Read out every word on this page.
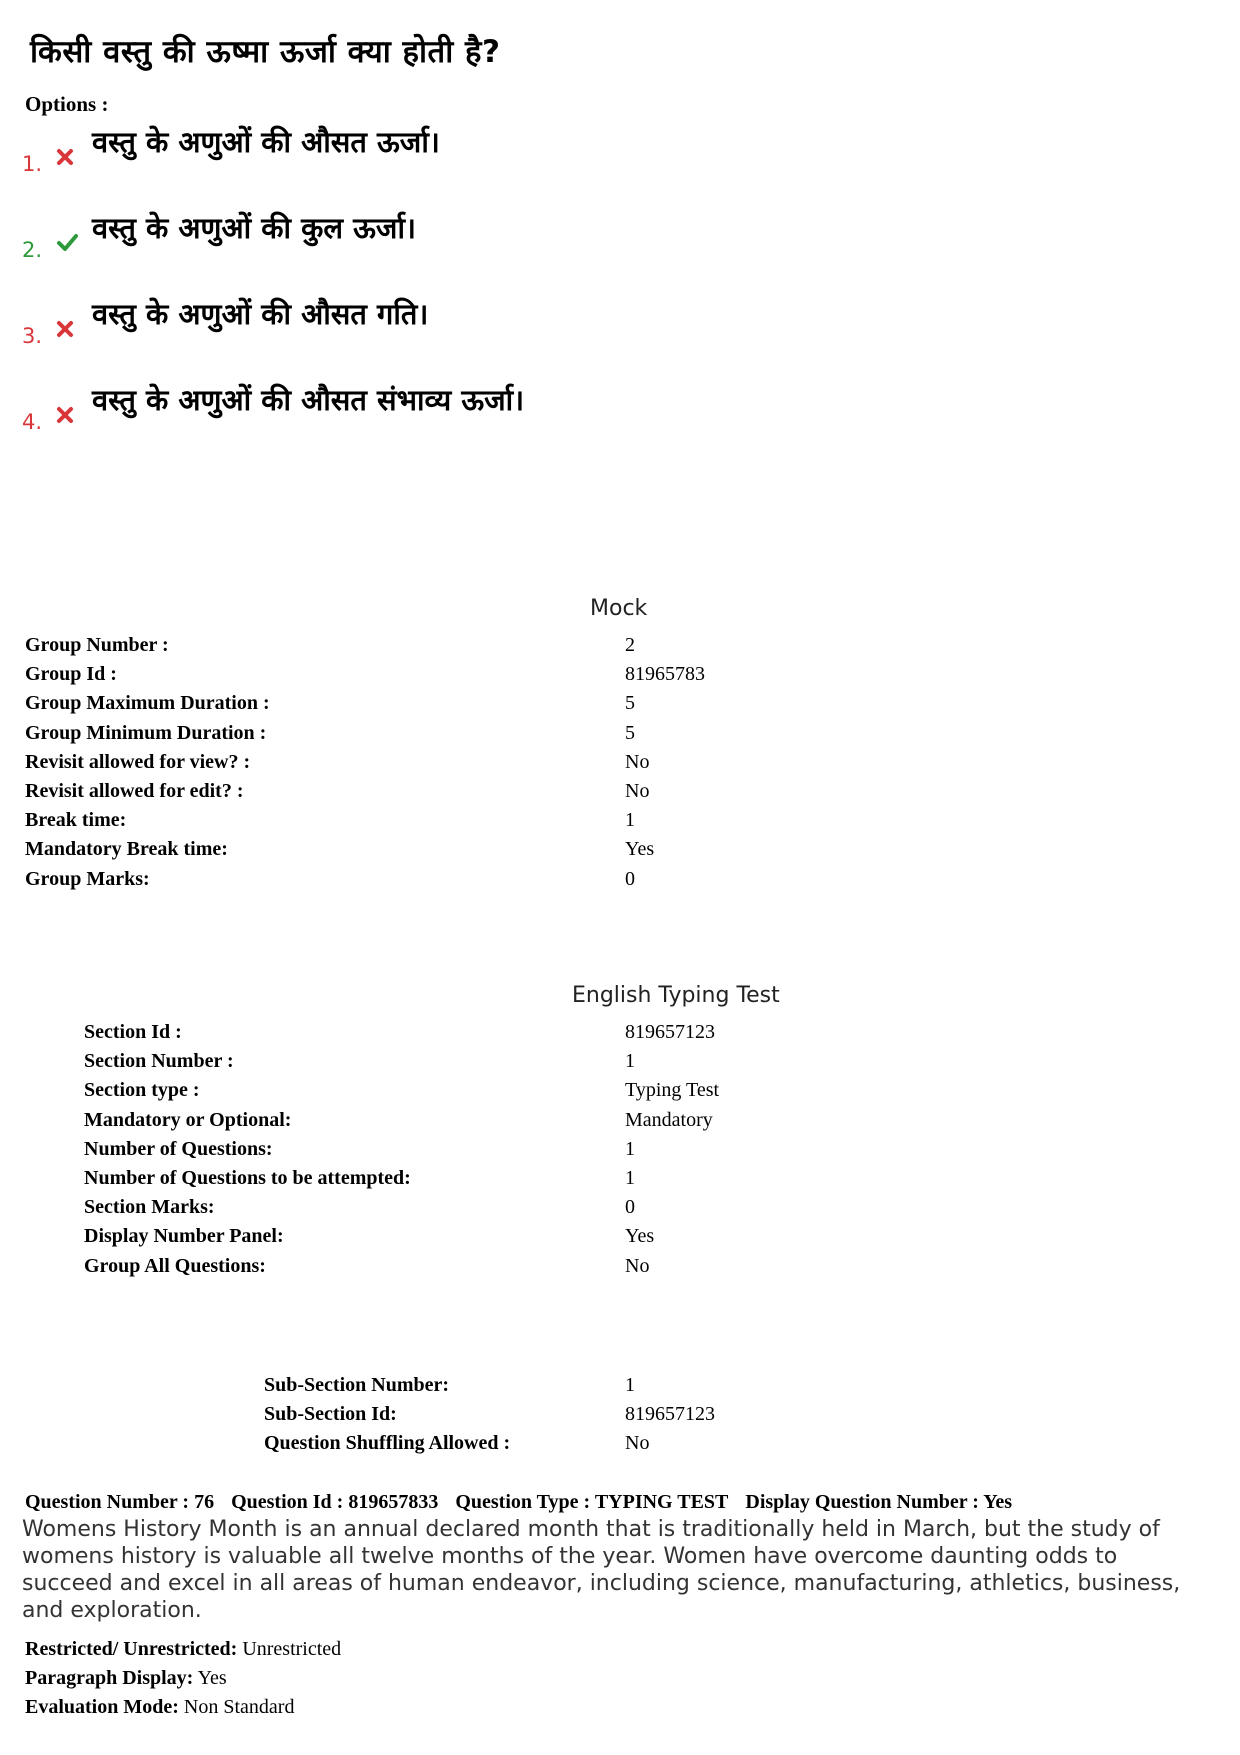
किसी वस्तु की ऊष्मा ऊर्जा क्या होती है?
Options :
1.
वस्तु के अणुओं की औसत ऊर्जा।
2.
वस्तु के अणुओं की कुल ऊर्जा।
3.
वस्तु के अणुओं की औसत गति।
4.
वस्तु के अणुओं की औसत संभाव्य ऊर्जा।
Mock
Group Number :	2
Group Id :	81965783
Group Maximum Duration :	5
Group Minimum Duration :	5
Revisit allowed for view? :	No
Revisit allowed for edit? :	No
Break time:	1
Mandatory Break time:	Yes
Group Marks:	0
English Typing Test
Section Id :	819657123
Section Number :	1
Section type :	Typing Test
Mandatory or Optional:	Mandatory
Number of Questions:	1
Number of Questions to be attempted:	1
Section Marks:	0
Display Number Panel:	Yes
Group All Questions:	No
Sub-Section Number:	1
Sub-Section Id:	819657123
Question Shuffling Allowed :	No
Question Number : 76 Question Id : 819657833 Question Type : TYPING TEST Display Question Number : Yes
Womens History Month is an annual declared month that is traditionally held in March, but the study of womens history is valuable all twelve months of the year. Women have overcome daunting odds to succeed and excel in all areas of human endeavor, including science, manufacturing, athletics, business, and exploration.
Restricted/ Unrestricted: Unrestricted
Paragraph Display: Yes
Evaluation Mode: Non Standard
